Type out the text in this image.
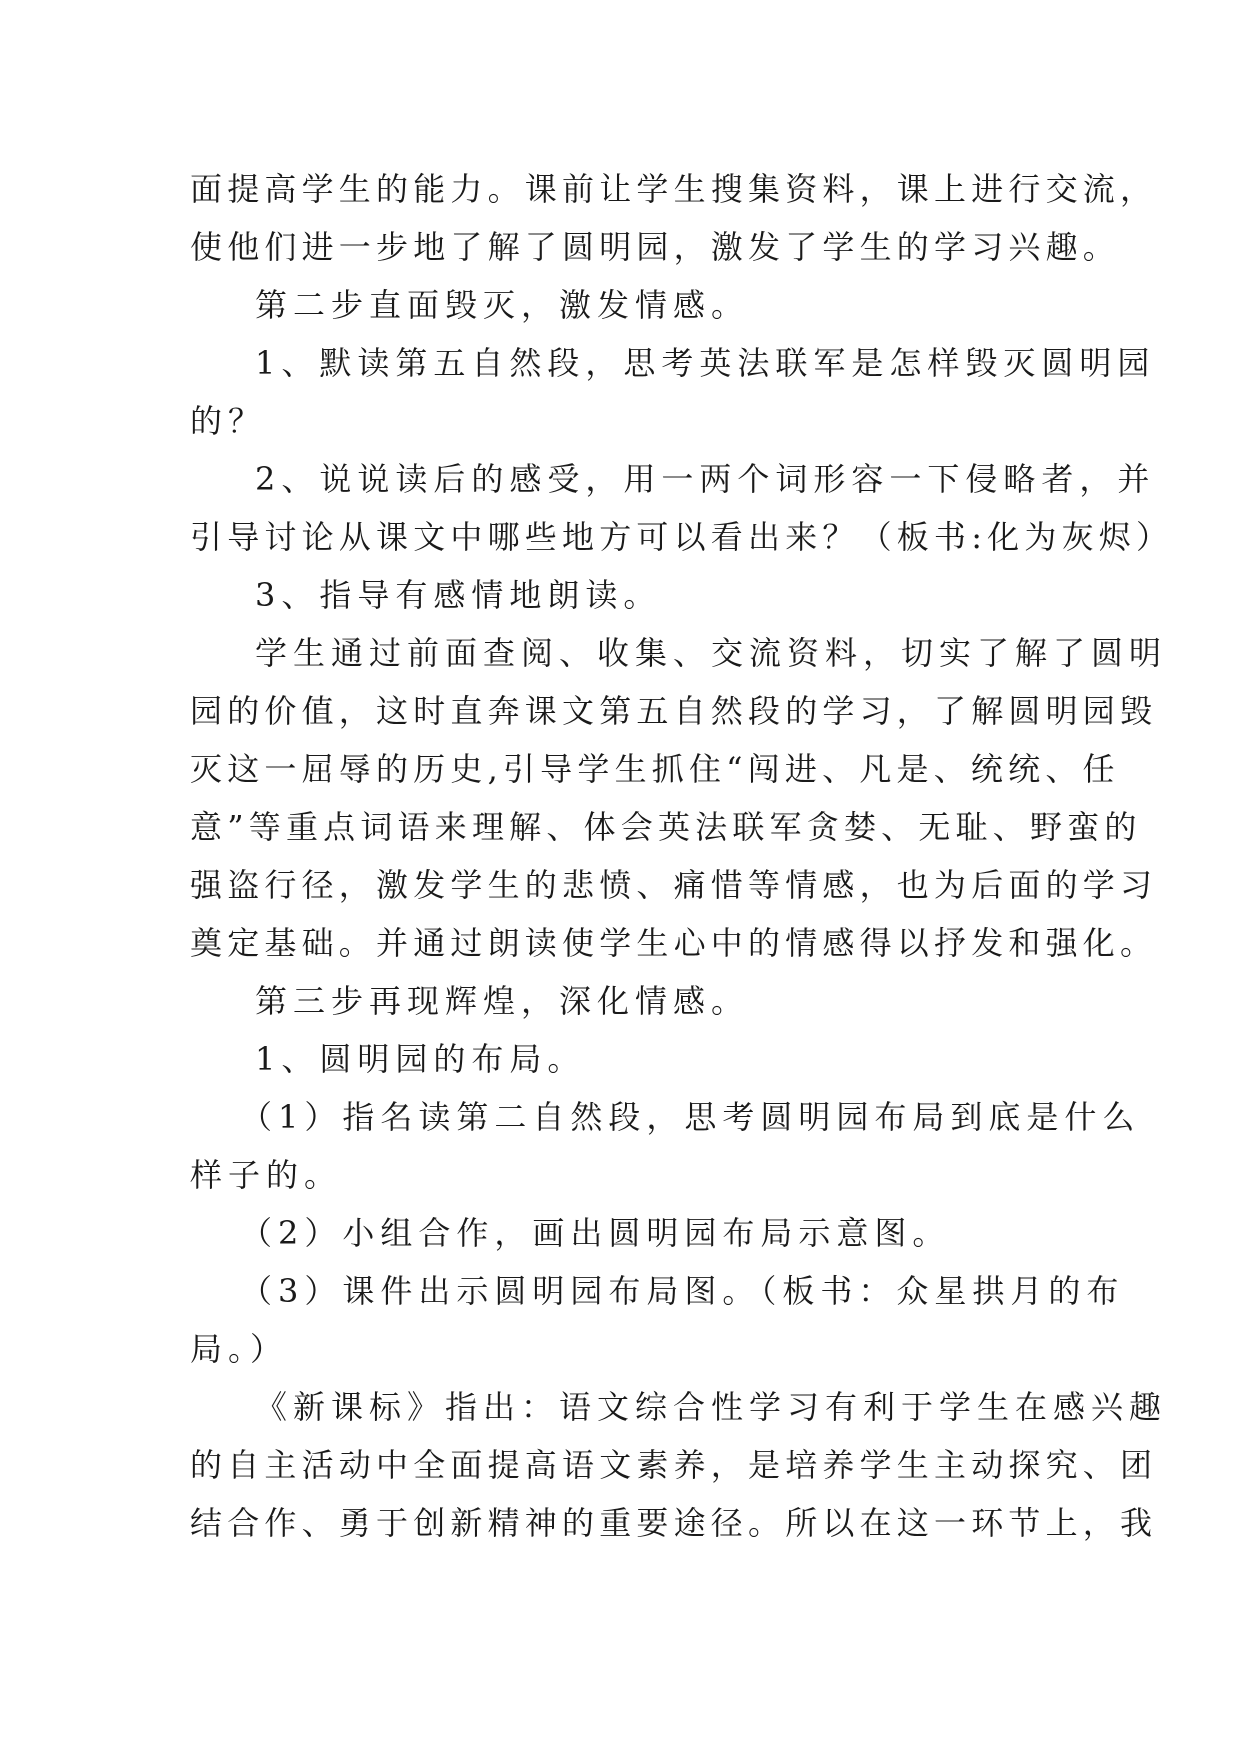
面提高学生的能力。课前让学生搜集资料，课上进行交流，
使他们进一步地了解了圆明园，激发了学生的学习兴趣。
第二步直面毁灭，激发情感。
1、默读第五自然段，思考英法联军是怎样毁灭圆明园
的？
2、说说读后的感受，用一两个词形容一下侵略者，并
引导讨论从课文中哪些地方可以看出来？（板书:化为灰烬）
3、指导有感情地朗读。
学生通过前面查阅、收集、交流资料，切实了解了圆明
园的价值，这时直奔课文第五自然段的学习，了解圆明园毁
灭这一屈辱的历史,引导学生抓住“闯进、凡是、统统、任
意”等重点词语来理解、体会英法联军贪婪、无耻、野蛮的
强盗行径，激发学生的悲愤、痛惜等情感，也为后面的学习
奠定基础。并通过朗读使学生心中的情感得以抒发和强化。
第三步再现辉煌，深化情感。
1、圆明园的布局。
（1）指名读第二自然段，思考圆明园布局到底是什么
样子的。
（2）小组合作，画出圆明园布局示意图。
（3）课件出示圆明园布局图。（板书：众星拱月的布
局。）
《新课标》指出：语文综合性学习有利于学生在感兴趣
的自主活动中全面提高语文素养，是培养学生主动探究、团
结合作、勇于创新精神的重要途径。所以在这一环节上，我
